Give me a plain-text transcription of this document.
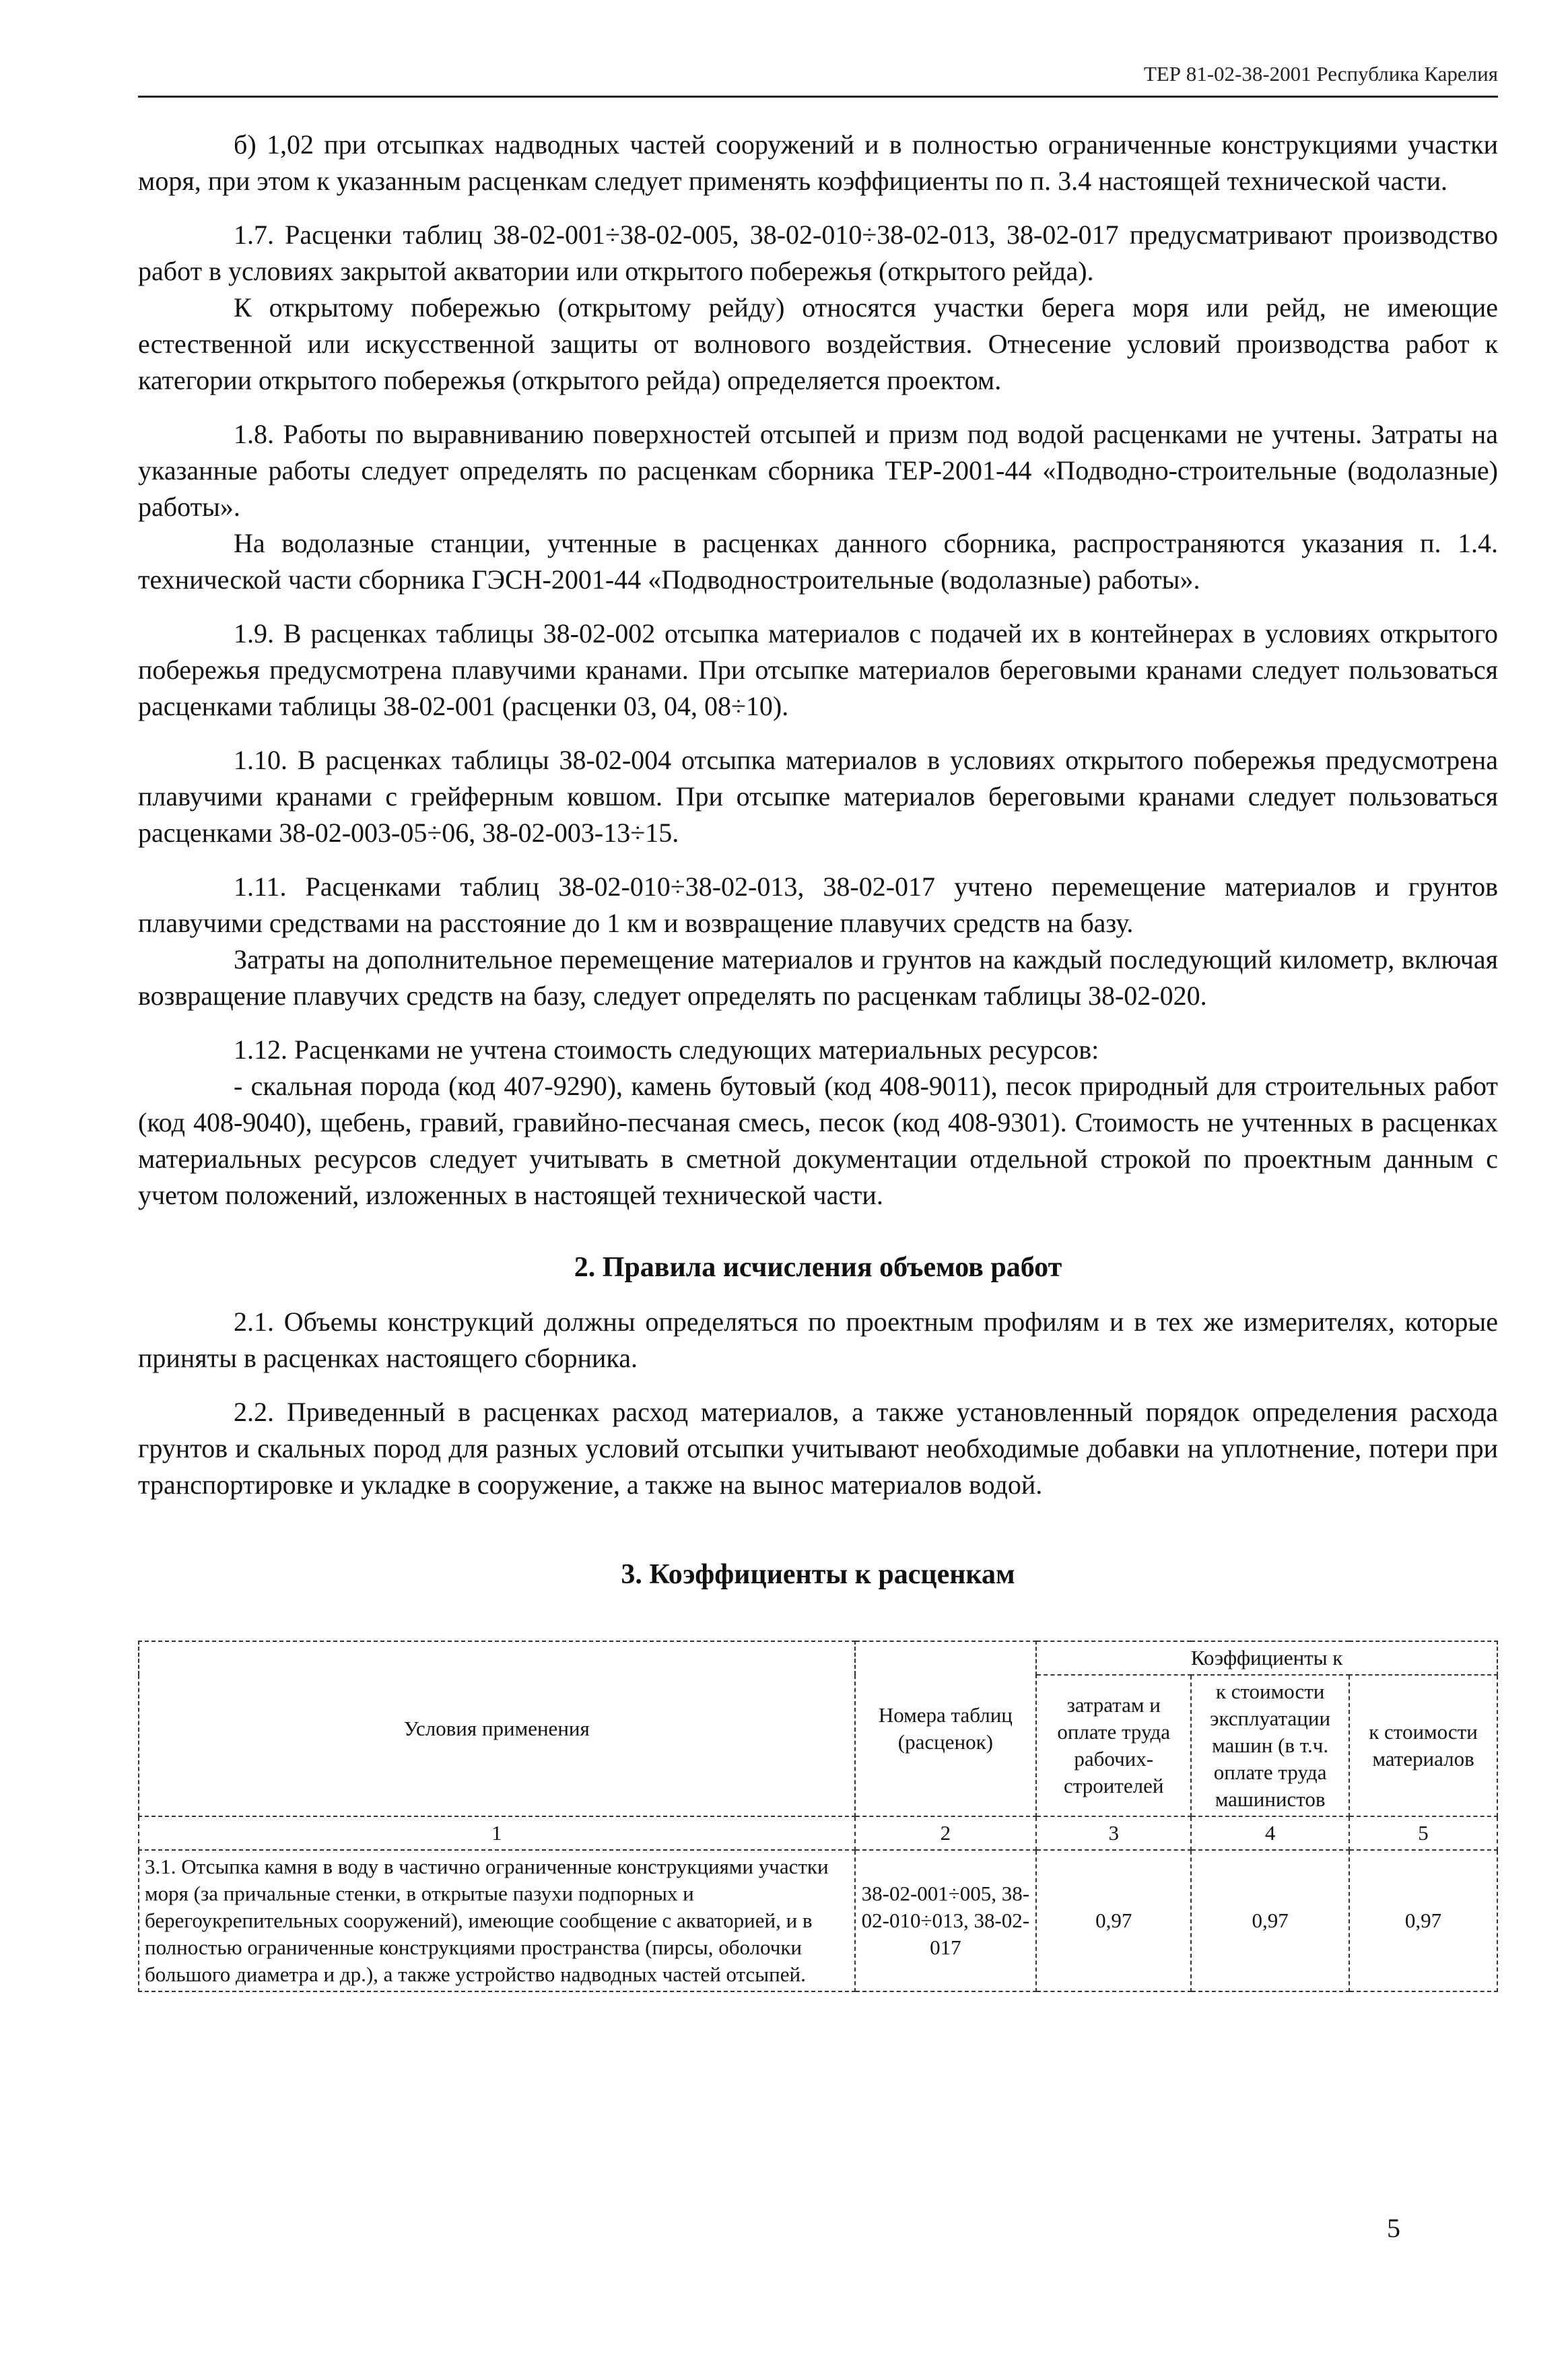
ТЕР 81-02-38-2001 Республика Карелия

б) 1,02 при отсыпках надводных частей сооружений и в полностью ограниченные конструкциями участки моря, при этом к указанным расценкам следует применять коэффициенты по п. 3.4 настоящей технической части.

1.7. Расценки таблиц 38-02-001÷38-02-005, 38-02-010÷38-02-013, 38-02-017 предусматривают производство работ в условиях закрытой акватории или открытого побережья (открытого рейда).

К открытому побережью (открытому рейду) относятся участки берега моря или рейд, не имеющие естественной или искусственной защиты от волнового воздействия. Отнесение условий производства работ к категории открытого побережья (открытого рейда) определяется проектом.

1.8. Работы по выравниванию поверхностей отсыпей и призм под водой расценками не учтены. Затраты на указанные работы следует определять по расценкам сборника ТЕР-2001-44 «Подводно-строительные (водолазные) работы».

На водолазные станции, учтенные в расценках данного сборника, распространяются указания п. 1.4. технической части сборника ГЭСН-2001-44 «Подводностроительные (водолазные) работы».

1.9. В расценках таблицы 38-02-002 отсыпка материалов с подачей их в контейнерах в условиях открытого побережья предусмотрена плавучими кранами. При отсыпке материалов береговыми кранами следует пользоваться расценками таблицы 38-02-001 (расценки 03, 04, 08÷10).

1.10. В расценках таблицы 38-02-004 отсыпка материалов в условиях открытого побережья предусмотрена плавучими кранами с грейферным ковшом. При отсыпке материалов береговыми кранами следует пользоваться расценками 38-02-003-05÷06, 38-02-003-13÷15.

1.11. Расценками таблиц 38-02-010÷38-02-013, 38-02-017 учтено перемещение материалов и грунтов плавучими средствами на расстояние до 1 км и возвращение плавучих средств на базу.

Затраты на дополнительное перемещение материалов и грунтов на каждый последующий километр, включая возвращение плавучих средств на базу, следует определять по расценкам таблицы 38-02-020.

1.12. Расценками не учтена стоимость следующих материальных ресурсов:

- скальная порода (код 407-9290), камень бутовый (код 408-9011), песок природный для строительных работ (код 408-9040), щебень, гравий, гравийно-песчаная смесь, песок (код 408-9301). Стоимость не учтенных в расценках материальных ресурсов следует учитывать в сметной документации отдельной строкой по проектным данным с учетом положений, изложенных в настоящей технической части.

2. Правила исчисления объемов работ

2.1. Объемы конструкций должны определяться по проектным профилям и в тех же измерителях, которые приняты в расценках настоящего сборника.

2.2. Приведенный в расценках расход материалов, а также установленный порядок определения расхода грунтов и скальных пород для разных условий отсыпки учитывают необходимые добавки на уплотнение, потери при транспортировке и укладке в сооружение, а также на вынос материалов водой.

3. Коэффициенты к расценкам
Условия применения	Номера таблиц (расценок)	Коэффициенты к		
		затратам и оплате труда рабочих-строителей	к стоимости эксплуатации машин (в т.ч. оплате труда машинистов	к стоимости материалов
1	2	3	4	5
3.1. Отсыпка камня в воду в частично ограниченные конструкциями участки моря (за причальные стенки, в открытые пазухи подпорных и берегоукрепительных сооружений), имеющие сообщение с акваторией, и в полностью ограниченные конструкциями пространства (пирсы, оболочки большого диаметра и др.), а также устройство надводных частей отсыпей.	38-02-001÷005, 38-02-010÷013, 38-02-017	0,97	0,97	0,97
5
